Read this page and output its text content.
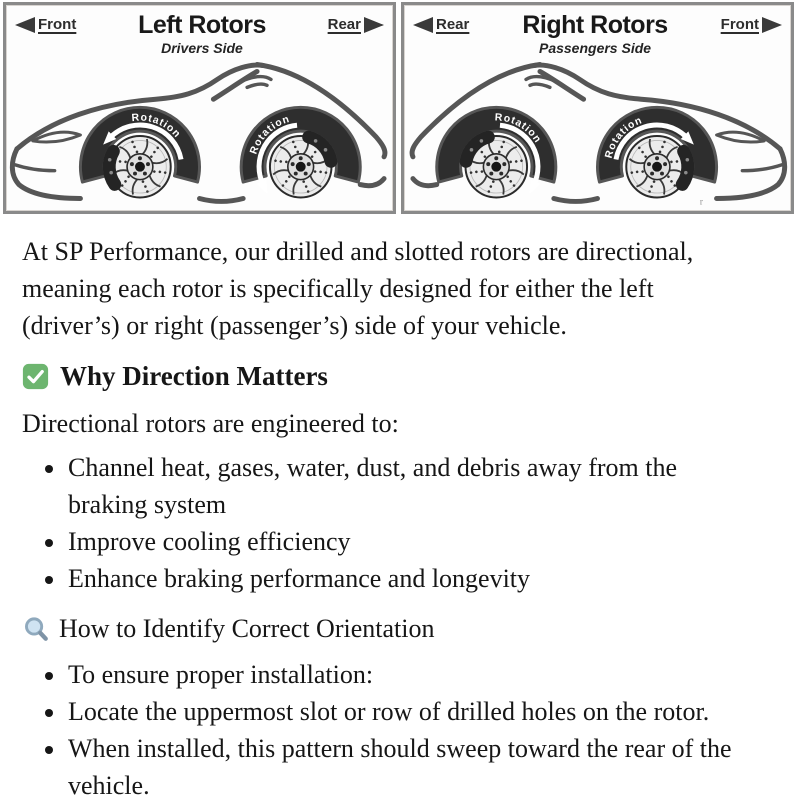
Front Left Rotors
Drivers Side
Rear
Rotation
Rotation
Rear Right Rotors
Passengers Side
Front
Rotation
Rotation
r

At SP Performance, our drilled and slotted rotors are directional,
meaning each rotor is specifically designed for either the left
(driver’s) or right (passenger’s) side of your vehicle.

Why Direction Matters

Directional rotors are engineered to:

• Channel heat, gases, water, dust, and debris away from the
braking system
• Improve cooling efficiency
• Enhance braking performance and longevity
How to Identify Correct Orientation
• To ensure proper installation:
• Locate the uppermost slot or row of drilled holes on the rotor.
• When installed, this pattern should sweep toward the rear of the
vehicle.
